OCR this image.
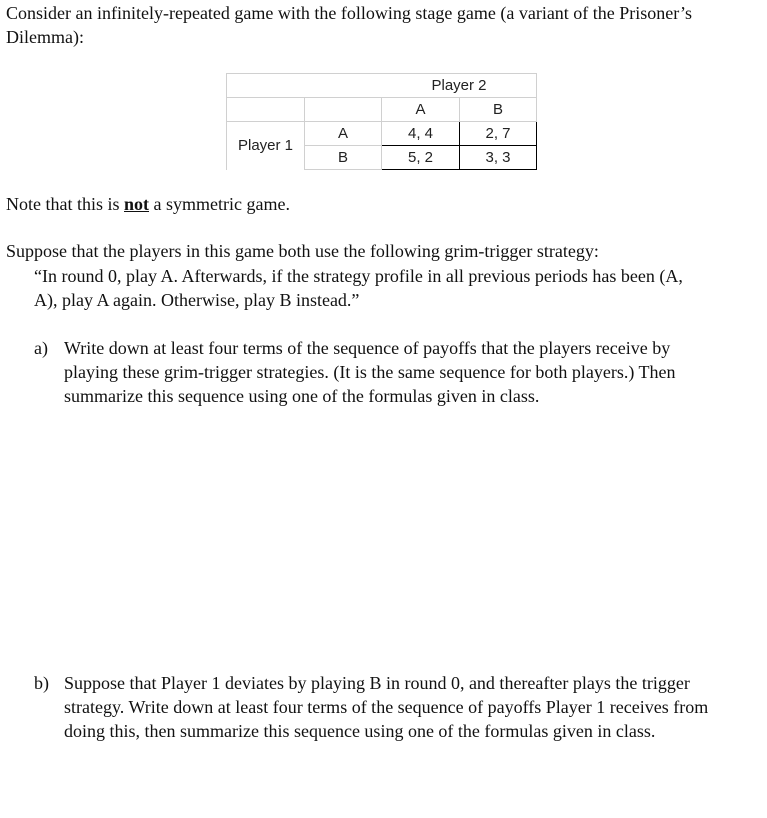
Consider an infinitely-repeated game with the following stage game (a variant of the Prisoner’s
Dilemma):
		Player 2	
		A	B
Player 1	A	4, 4	2, 7
	B	5, 2	3, 3
Note that this is not a symmetric game.
Suppose that the players in this game both use the following grim-trigger strategy:
“In round 0, play A. Afterwards, if the strategy profile in all previous periods has been (A,
A), play A again. Otherwise, play B instead.”
a) Write down at least four terms of the sequence of payoffs that the players receive by
playing these grim-trigger strategies. (It is the same sequence for both players.) Then
summarize this sequence using one of the formulas given in class.
b) Suppose that Player 1 deviates by playing B in round 0, and thereafter plays the trigger
strategy. Write down at least four terms of the sequence of payoffs Player 1 receives from
doing this, then summarize this sequence using one of the formulas given in class.
